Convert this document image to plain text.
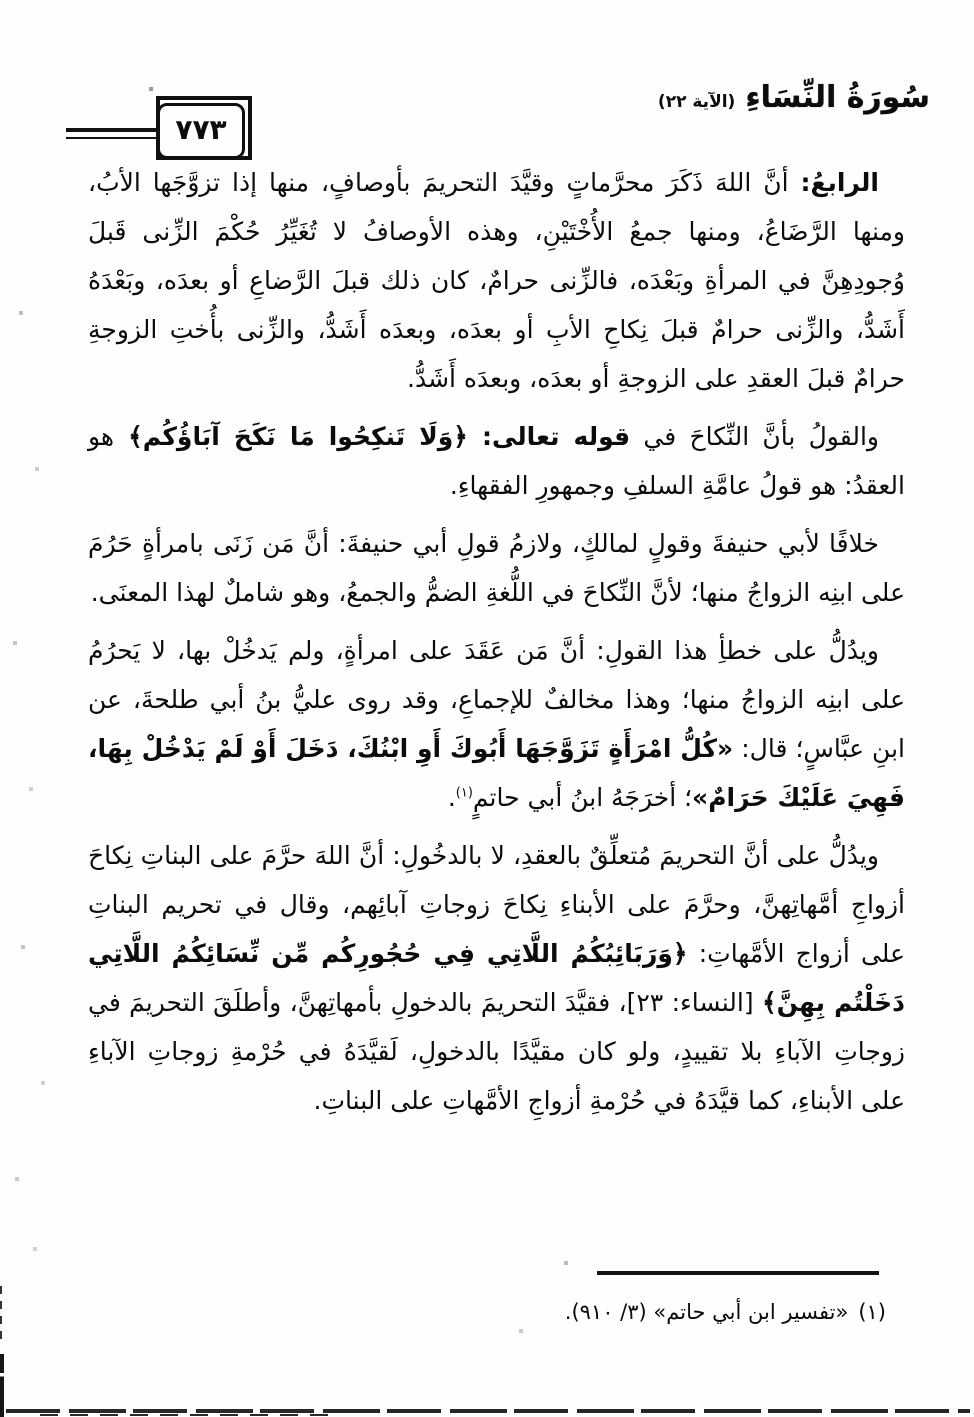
سُورَةُ النِّسَاءِ
(الآية ٢٢)
٧٧٣

الرابعُ: أنَّ اللهَ ذَكَرَ محرَّماتٍ وقيَّدَ التحريمَ بأوصافٍ، منها إذا تزوَّجَها الأبُ، ومنها الرَّضَاعُ، ومنها جمعُ الأُخْتَيْنِ، وهذه الأوصافُ لا تُغَيِّرُ حُكْمَ الزِّنى قَبلَ وُجودِهِنَّ في المرأةِ وبَعْدَه، فالزِّنى حرامٌ، كان ذلك قبلَ الرَّضاعِ أو بعدَه، وبَعْدَهُ أَشَدُّ، والزِّنى حرامٌ قبلَ نِكاحِ الأبِ أو بعدَه، وبعدَه أَشَدُّ، والزِّنى بأُختِ الزوجةِ حرامٌ قبلَ العقدِ على الزوجةِ أو بعدَه، وبعدَه أَشَدُّ.

والقولُ بأنَّ النِّكاحَ في قوله تعالى: ﴿وَلَا تَنكِحُوا مَا نَكَحَ آبَاؤُكُم﴾ هو العقدُ: هو قولُ عامَّةِ السلفِ وجمهورِ الفقهاءِ.

خلافًا لأبي حنيفةَ وقولٍ لمالكٍ، ولازمُ قولِ أبي حنيفةَ: أنَّ مَن زَنَى بامرأةٍ حَرُمَ على ابنِه الزواجُ منها؛ لأنَّ النِّكاحَ في اللُّغةِ الضمُّ والجمعُ، وهو شاملٌ لهذا المعنَى.

ويدُلُّ على خطأِ هذا القولِ: أنَّ مَن عَقَدَ على امرأةٍ، ولم يَدخُلْ بها، لا يَحرُمُ على ابنِه الزواجُ منها؛ وهذا مخالفٌ للإجماعِ، وقد روى عليُّ بنُ أبي طلحةَ، عن ابنِ عبَّاسٍ؛ قال: «كُلُّ امْرَأَةٍ تَزَوَّجَهَا أَبُوكَ أَوِ ابْنُكَ، دَخَلَ أَوْ لَمْ يَدْخُلْ بِهَا، فَهِيَ عَلَيْكَ حَرَامٌ»؛ أخرَجَهُ ابنُ أبي حاتمٍ$^{(١)}$.

ويدُلُّ على أنَّ التحريمَ مُتعلِّقٌ بالعقدِ، لا بالدخُولِ: أنَّ اللهَ حرَّمَ على البناتِ نِكاحَ أزواجِ أمَّهاتِهنَّ، وحرَّمَ على الأبناءِ نِكاحَ زوجاتِ آبائِهم، وقال في تحريم البناتِ على أزواج الأمَّهاتِ: ﴿وَرَبَائِبُكُمُ اللَّاتِي فِي حُجُورِكُم مِّن نِّسَائِكُمُ اللَّاتِي دَخَلْتُم بِهِنَّ﴾ [النساء: ٢٣]، فقيَّدَ التحريمَ بالدخولِ بأمهاتِهنَّ، وأطلَقَ التحريمَ في زوجاتِ الآباءِ بلا تقييدٍ، ولو كان مقيَّدًا بالدخولِ، لَقيَّدَهُ في حُرْمةِ زوجاتِ الآباءِ على الأبناءِ، كما قيَّدَهُ في حُرْمةِ أزواجِ الأمَّهاتِ على البناتِ.

(١)«تفسير ابن أبي حاتم» (٣/ ٩١٠).
